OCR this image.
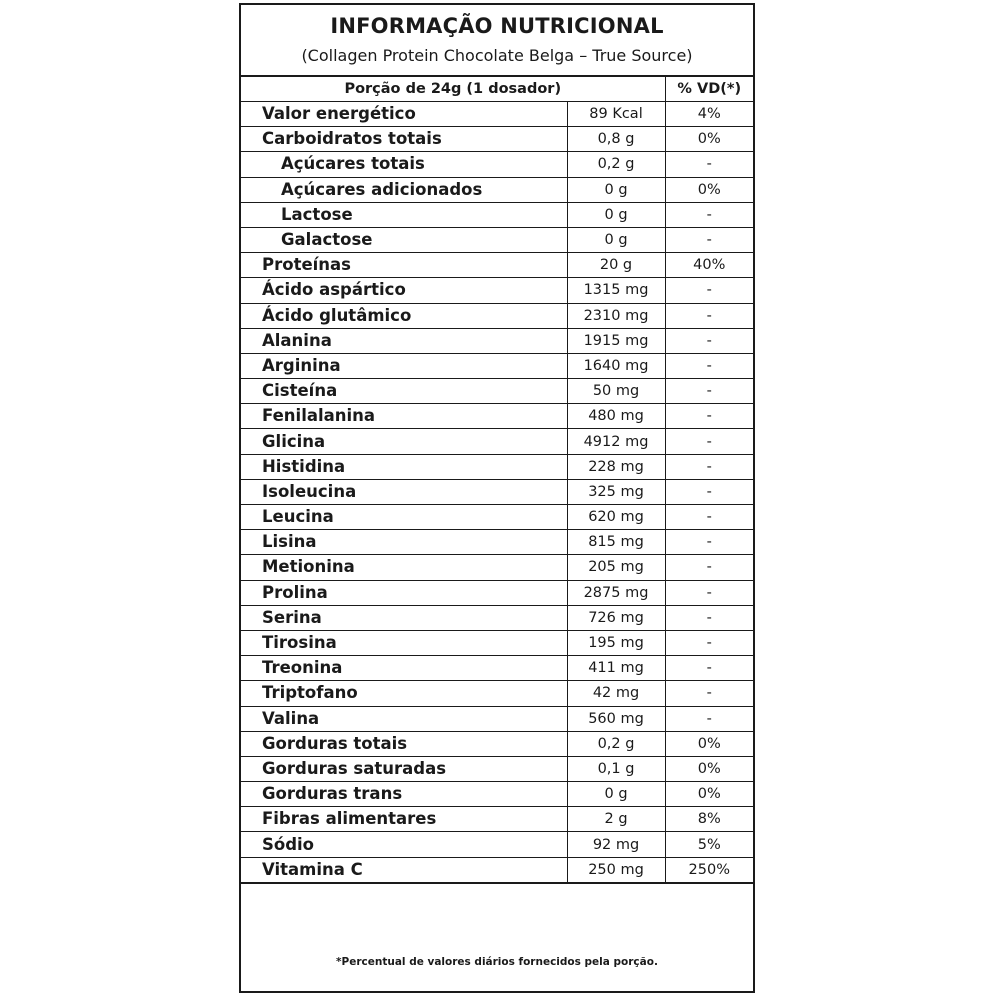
INFORMAÇÃO NUTRICIONAL
(Collagen Protein Chocolate Belga – True Source)
Porção de 24g (1 dosador)		% VD(*)
Valor energético	89 Kcal	4%
Carboidratos totais	0,8 g	0%
Açúcares totais	0,2 g	-
Açúcares adicionados	0 g	0%
Lactose	0 g	-
Galactose	0 g	-
Proteínas	20 g	40%
Ácido aspártico	1315 mg	-
Ácido glutâmico	2310 mg	-
Alanina	1915 mg	-
Arginina	1640 mg	-
Cisteína	50 mg	-
Fenilalanina	480 mg	-
Glicina	4912 mg	-
Histidina	228 mg	-
Isoleucina	325 mg	-
Leucina	620 mg	-
Lisina	815 mg	-
Metionina	205 mg	-
Prolina	2875 mg	-
Serina	726 mg	-
Tirosina	195 mg	-
Treonina	411 mg	-
Triptofano	42 mg	-
Valina	560 mg	-
Gorduras totais	0,2 g	0%
Gorduras saturadas	0,1 g	0%
Gorduras trans	0 g	0%
Fibras alimentares	2 g	8%
Sódio	92 mg	5%
Vitamina C	250 mg	250%

*Percentual de valores diários fornecidos pela porção.
